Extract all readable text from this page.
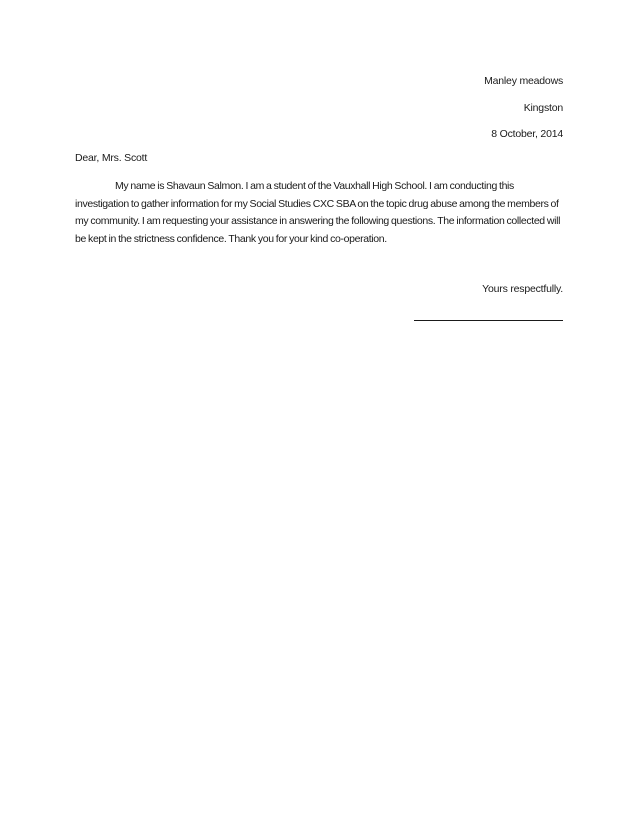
Manley meadows
Kingston
8 October, 2014
Dear, Mrs. Scott
My name is Shavaun Salmon. I am a student of the Vauxhall High School. I am conducting this investigation to gather information for my Social Studies CXC SBA on the topic drug abuse among the members of my community. I am requesting your assistance in answering the following questions. The information collected will be kept in the strictness confidence. Thank you for your kind co-operation.
Yours respectfully.
